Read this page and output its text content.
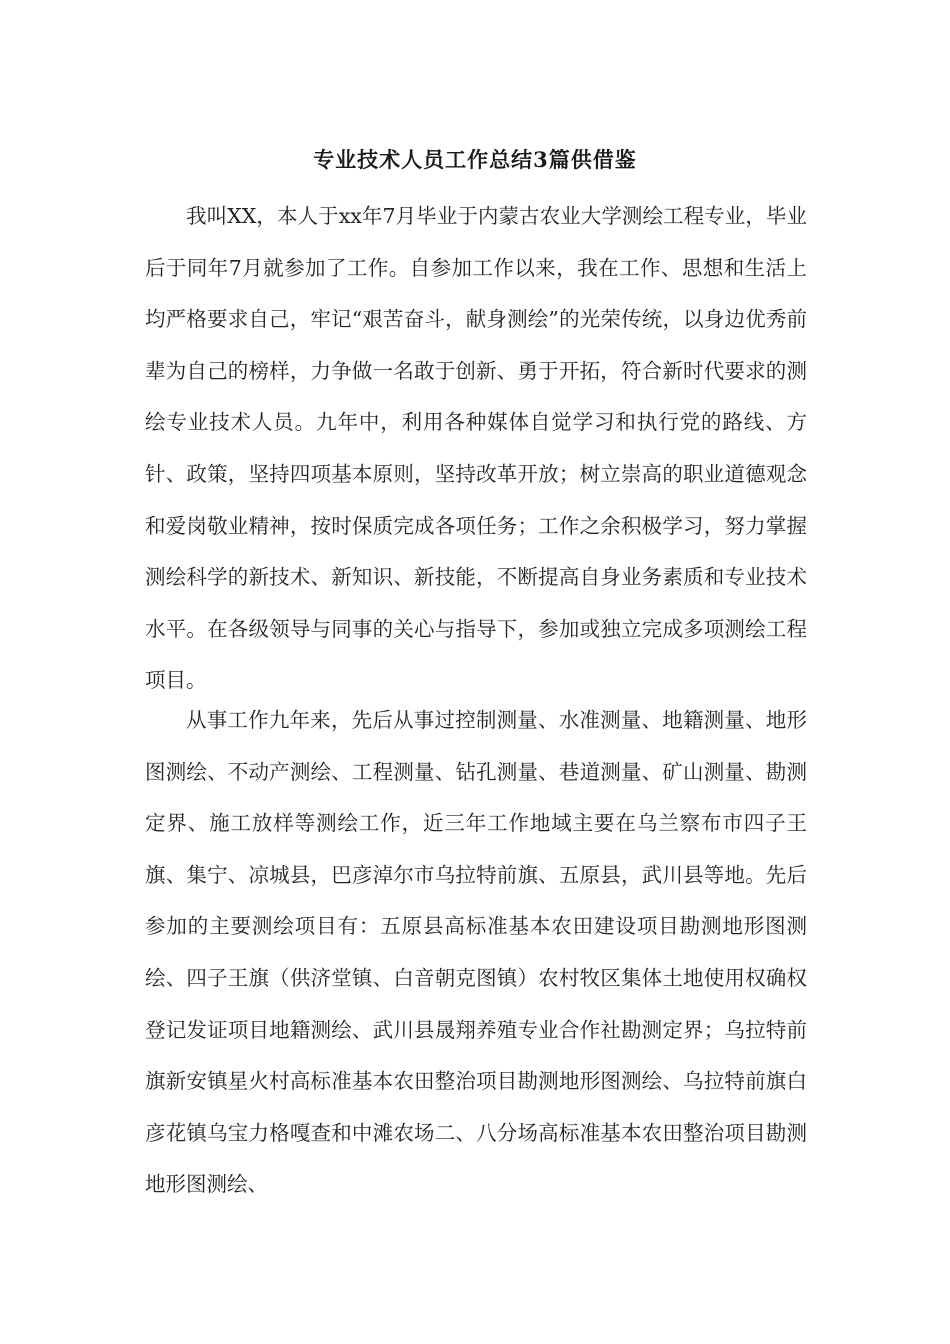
专业技术人员工作总结3篇供借鉴

我叫XX，本人于xx年7月毕业于内蒙古农业大学测绘工程专业，毕业后于同年7月就参加了工作。自参加工作以来，我在工作、思想和生活上均严格要求自己，牢记“艰苦奋斗，献身测绘”的光荣传统，以身边优秀前辈为自己的榜样，力争做一名敢于创新、勇于开拓，符合新时代要求的测绘专业技术人员。九年中，利用各种媒体自觉学习和执行党的路线、方针、政策，坚持四项基本原则，坚持改革开放；树立崇高的职业道德观念和爱岗敬业精神，按时保质完成各项任务；工作之余积极学习，努力掌握测绘科学的新技术、新知识、新技能，不断提高自身业务素质和专业技术水平。在各级领导与同事的关心与指导下，参加或独立完成多项测绘工程项目。

从事工作九年来，先后从事过控制测量、水准测量、地籍测量、地形图测绘、不动产测绘、工程测量、钻孔测量、巷道测量、矿山测量、勘测定界、施工放样等测绘工作，近三年工作地域主要在乌兰察布市四子王旗、集宁、凉城县，巴彦淖尔市乌拉特前旗、五原县，武川县等地。先后参加的主要测绘项目有：五原县高标准基本农田建设项目勘测地形图测绘、四子王旗（供济堂镇、白音朝克图镇）农村牧区集体土地使用权确权登记发证项目地籍测绘、武川县晟翔养殖专业合作社勘测定界；乌拉特前旗新安镇星火村高标准基本农田整治项目勘测地形图测绘、乌拉特前旗白彦花镇乌宝力格嘎查和中滩农场二、八分场高标准基本农田整治项目勘测地形图测绘、
